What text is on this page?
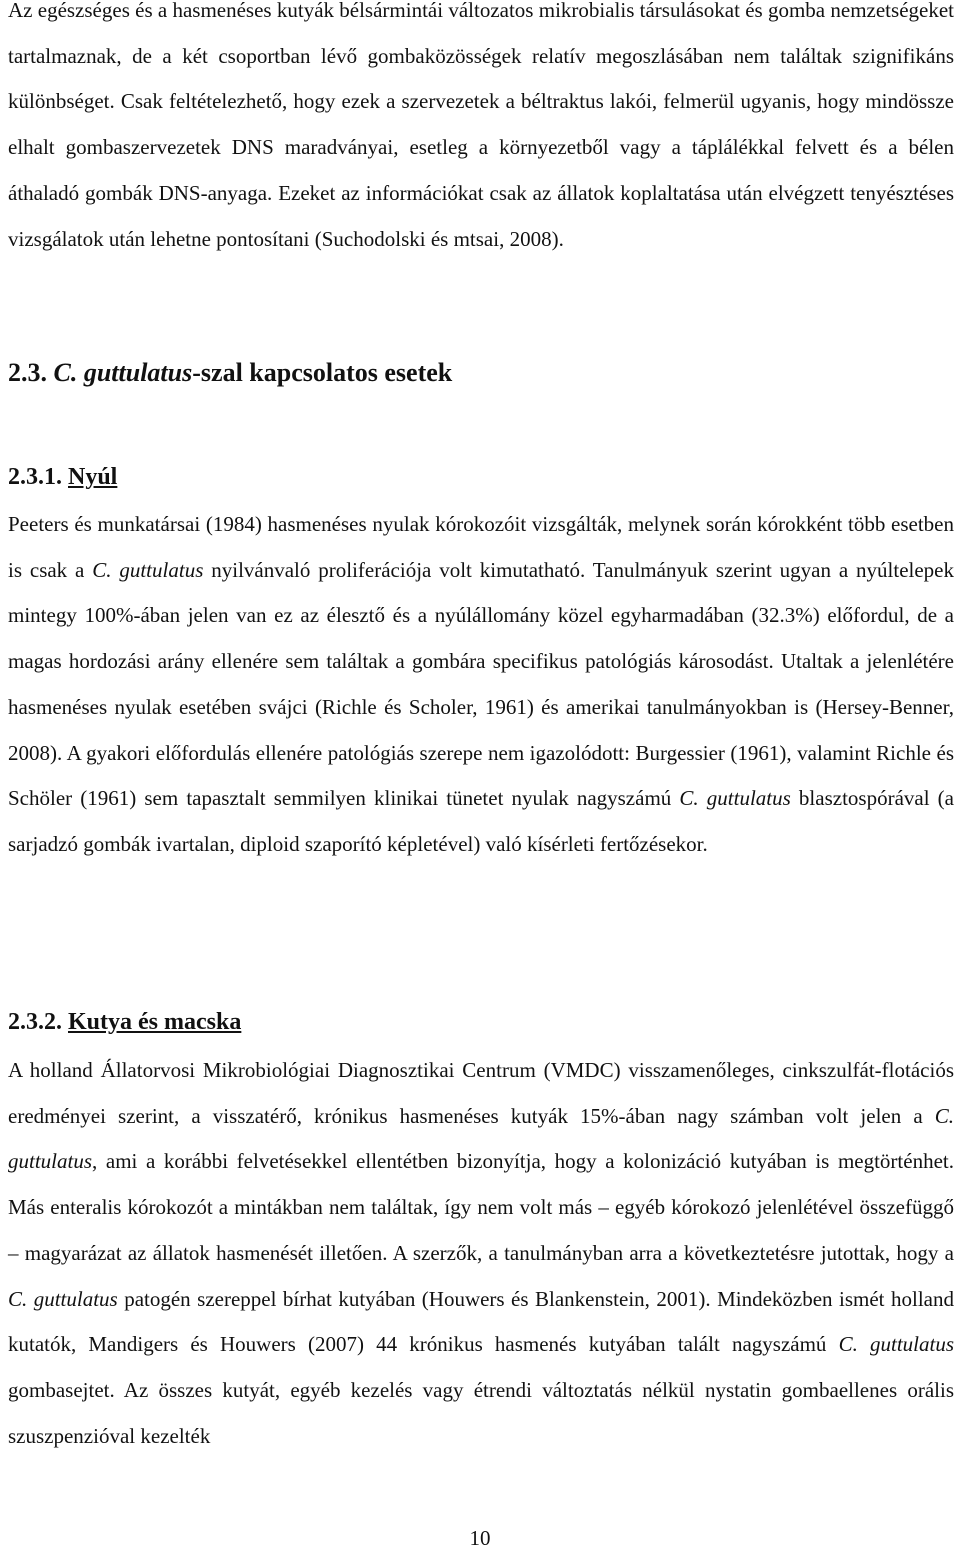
Az egészséges és a hasmenéses kutyák bélsármintái változatos mikrobialis társulásokat és gomba nemzetségeket tartalmaznak, de a két csoportban lévő gombaközösségek relatív megoszlásában nem találtak szignifikáns különbséget. Csak feltételezhető, hogy ezek a szervezetek a béltraktus lakói, felmerül ugyanis, hogy mindössze elhalt gombaszervezetek DNS maradványai, esetleg a környezetből vagy a táplálékkal felvett és a bélen áthaladó gombák DNS-anyaga. Ezeket az információkat csak az állatok koplaltatása után elvégzett tenyésztéses vizsgálatok után lehetne pontosítani (Suchodolski és mtsai, 2008).

2.3. C. guttulatus-szal kapcsolatos esetek
2.3.1. Nyúl

Peeters és munkatársai (1984) hasmenéses nyulak kórokozóit vizsgálták, melynek során kórokként több esetben is csak a C. guttulatus nyilvánvaló proliferációja volt kimutatható. Tanulmányuk szerint ugyan a nyúltelepek mintegy 100%-ában jelen van ez az élesztő és a nyúlállomány közel egyharmadában (32.3%) előfordul, de a magas hordozási arány ellenére sem találtak a gombára specifikus patológiás károsodást. Utaltak a jelenlétére hasmenéses nyulak esetében svájci (Richle és Scholer, 1961) és amerikai tanulmányokban is (Hersey-Benner, 2008). A gyakori előfordulás ellenére patológiás szerepe nem igazolódott: Burgessier (1961), valamint Richle és Schöler (1961) sem tapasztalt semmilyen klinikai tünetet nyulak nagyszámú C. guttulatus blasztospórával (a sarjadzó gombák ivartalan, diploid szaporító képletével) való kísérleti fertőzésekor.

2.3.2. Kutya és macska

A holland Állatorvosi Mikrobiológiai Diagnosztikai Centrum (VMDC) visszamenőleges, cinkszulfát-flotációs eredményei szerint, a visszatérő, krónikus hasmenéses kutyák 15%-ában nagy számban volt jelen a C. guttulatus, ami a korábbi felvetésekkel ellentétben bizonyítja, hogy a kolonizáció kutyában is megtörténhet. Más enteralis kórokozót a mintákban nem találtak, így nem volt más – egyéb kórokozó jelenlétével összefüggő – magyarázat az állatok hasmenését illetően. A szerzők, a tanulmányban arra a következtetésre jutottak, hogy a C. guttulatus patogén szereppel bírhat kutyában (Houwers és Blankenstein, 2001). Mindeközben ismét holland kutatók, Mandigers és Houwers (2007) 44 krónikus hasmenés kutyában talált nagyszámú C. guttulatus gombasejtet. Az összes kutyát, egyéb kezelés vagy étrendi változtatás nélkül nystatin gombaellenes orális szuszpenzióval kezelték

10
